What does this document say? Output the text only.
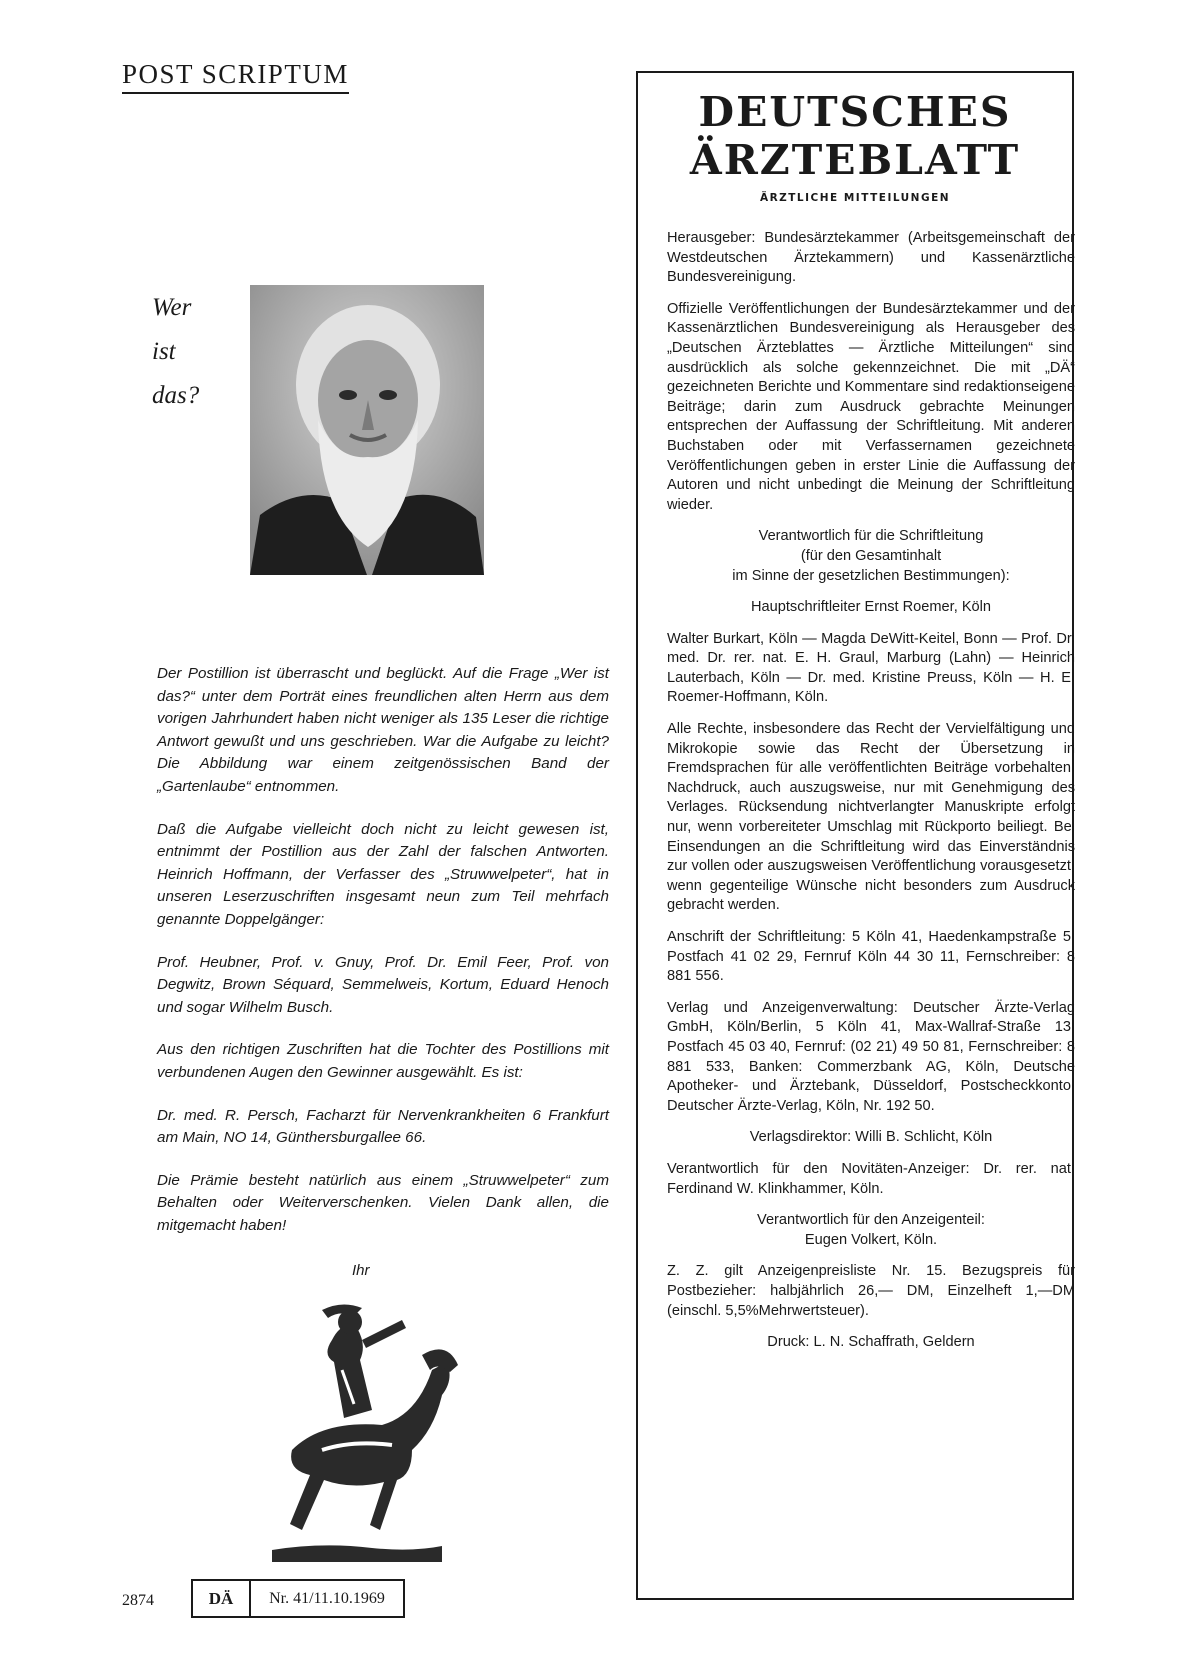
POST SCRIPTUM
Wer
ist
das?

Der Postillion ist überrascht und beglückt. Auf die Frage „Wer ist das?“ unter dem Porträt eines freundlichen alten Herrn aus dem vorigen Jahrhundert haben nicht weniger als 135 Leser die richtige Antwort gewußt und uns geschrieben. War die Aufgabe zu leicht? Die Abbildung war einem zeitgenössischen Band der „Gartenlaube“ entnommen.

Daß die Aufgabe vielleicht doch nicht zu leicht gewesen ist, entnimmt der Postillion aus der Zahl der falschen Antworten. Heinrich Hoffmann, der Verfasser des „Struwwelpeter“, hat in unseren Leserzuschriften insgesamt neun zum Teil mehrfach genannte Doppelgänger:

Prof. Heubner, Prof. v. Gnuy, Prof. Dr. Emil Feer, Prof. von Degwitz, Brown Séquard, Semmelweis, Kortum, Eduard Henoch und sogar Wilhelm Busch.

Aus den richtigen Zuschriften hat die Tochter des Postillions mit verbundenen Augen den Gewinner ausgewählt. Es ist:

Dr. med. R. Persch, Facharzt für Nervenkrankheiten 6 Frankfurt am Main, NO 14, Günthersburgallee 66.

Die Prämie besteht natürlich aus einem „Struwwelpeter“ zum Behalten oder Weiterverschenken. Vielen Dank allen, die mitgemacht haben!

Ihr
2874	DÄ	Nr. 41/11.10.1969
DEUTSCHES
ÄRZTEBLATT
ÄRZTLICHE MITTEILUNGEN

Herausgeber: Bundesärztekammer (Arbeitsgemeinschaft der Westdeutschen Ärztekammern) und Kassenärztliche Bundesvereinigung.

Offizielle Veröffentlichungen der Bundesärztekammer und der Kassenärztlichen Bundesvereinigung als Herausgeber des „Deutschen Ärzteblattes — Ärztliche Mitteilungen“ sind ausdrücklich als solche gekennzeichnet. Die mit „DÄ“ gezeichneten Berichte und Kommentare sind redaktionseigene Beiträge; darin zum Ausdruck gebrachte Meinungen entsprechen der Auffassung der Schriftleitung. Mit anderen Buchstaben oder mit Verfassernamen gezeichnete Veröffentlichungen geben in erster Linie die Auffassung der Autoren und nicht unbedingt die Meinung der Schriftleitung wieder.

Verantwortlich für die Schriftleitung
(für den Gesamtinhalt
im Sinne der gesetzlichen Bestimmungen):

Hauptschriftleiter Ernst Roemer, Köln

Walter Burkart, Köln — Magda DeWitt-Keitel, Bonn — Prof. Dr. med. Dr. rer. nat. E. H. Graul, Marburg (Lahn) — Heinrich Lauterbach, Köln — Dr. med. Kristine Preuss, Köln — H. E. Roemer-Hoffmann, Köln.

Alle Rechte, insbesondere das Recht der Vervielfältigung und Mikrokopie sowie das Recht der Übersetzung in Fremdsprachen für alle veröffentlichten Beiträge vorbehalten. Nachdruck, auch auszugsweise, nur mit Genehmigung des Verlages. Rücksendung nichtverlangter Manuskripte erfolgt nur, wenn vorbereiteter Umschlag mit Rückporto beiliegt. Bei Einsendungen an die Schriftleitung wird das Einverständnis zur vollen oder auszugsweisen Veröffentlichung vorausgesetzt, wenn gegenteilige Wünsche nicht besonders zum Ausdruck gebracht werden.

Anschrift der Schriftleitung: 5 Köln 41, Haedenkampstraße 5, Postfach 41 02 29, Fernruf Köln 44 30 11, Fernschreiber: 8 881 556.

Verlag und Anzeigenverwaltung: Deutscher Ärzte-Verlag GmbH, Köln/Berlin, 5 Köln 41, Max-Wallraf-Straße 13, Postfach 45 03 40, Fernruf: (02 21) 49 50 81, Fernschreiber: 8 881 533, Banken: Commerzbank AG, Köln, Deutsche Apotheker- und Ärztebank, Düsseldorf, Postscheckkonto: Deutscher Ärzte-Verlag, Köln, Nr. 192 50.

Verlagsdirektor: Willi B. Schlicht, Köln

Verantwortlich für den Novitäten-Anzeiger: Dr. rer. nat. Ferdinand W. Klinkhammer, Köln.

Verantwortlich für den Anzeigenteil:
Eugen Volkert, Köln.

Z. Z. gilt Anzeigenpreisliste Nr. 15. Bezugspreis für Postbezieher: halbjährlich 26,— DM, Einzelheft 1,—DM (einschl. 5,5%Mehrwertsteuer).

Druck: L. N. Schaffrath, Geldern
